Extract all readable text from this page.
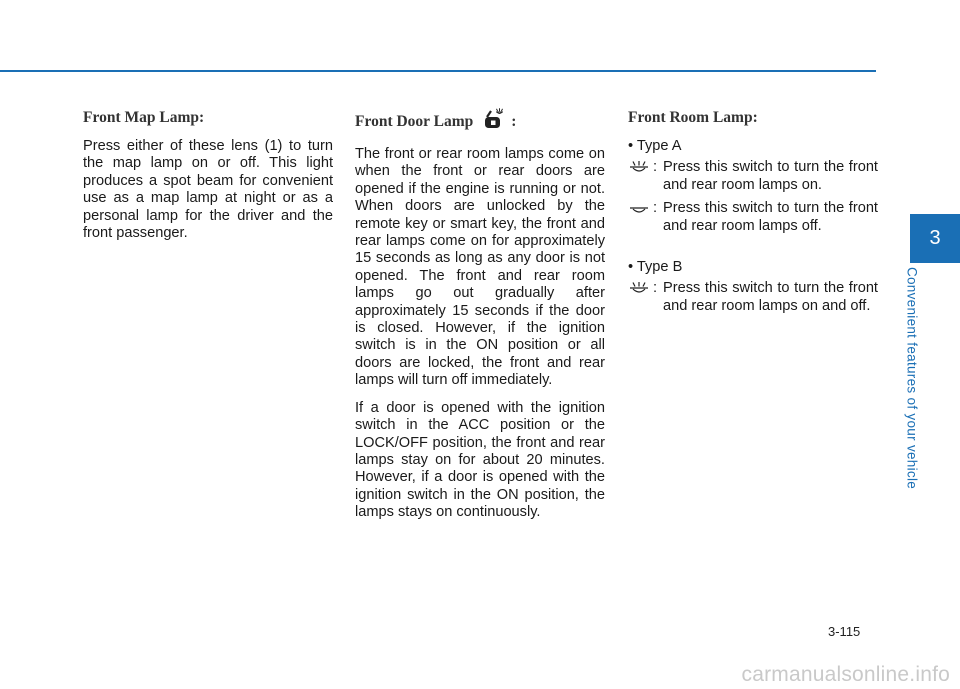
Front Map Lamp:

Press either of these lens (1) to turn the map lamp on or off. This light produces a spot beam for convenient use as a map lamp at night or as a personal lamp for the driver and the front passenger.

Front Door Lamp :

The front or rear room lamps come on when the front or rear doors are opened if the engine is running or not. When doors are unlocked by the remote key or smart key, the front and rear lamps come on for approximately 15 seconds as long as any door is not opened. The front and rear room lamps go out gradually after approximately 15 seconds if the door is closed. However, if the ignition switch is in the ON position or all doors are locked, the front and rear lamps will turn off immediately.

If a door is opened with the ignition switch in the ACC position or the LOCK/OFF position, the front and rear lamps stay on for about 20 minutes. However, if a door is opened with the ignition switch in the ON position, the lamps stays on continuously.

Front Room Lamp:
• Type A
: Press this switch to turn the front and rear room lamps on.
: Press this switch to turn the front and rear room lamps off.
• Type B
: Press this switch to turn the front and rear room lamps on and off.
3
Convenient features of your vehicle
3-115
carmanualsonline.info
